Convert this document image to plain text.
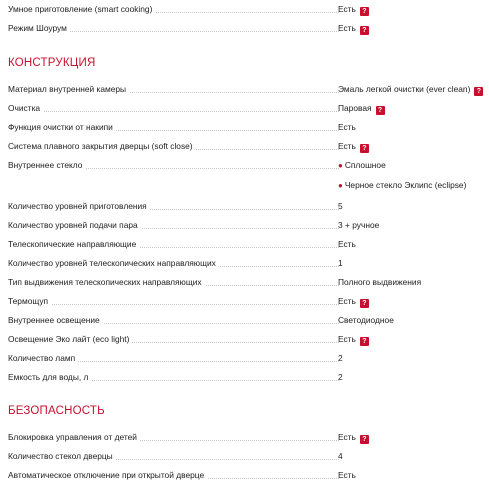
Умное приготовление (smart cooking)	Есть ?
Режим Шоурум	Есть ?
КОНСТРУКЦИЯ
Материал внутренней камеры	Эмаль легкой очистки (ever clean) ?
Очистка	Паровая ?
Функция очистки от накипи	Есть
Система плавного закрытия дверцы (soft close)	Есть ?
Внутреннее стекло	● Сплошное
● Черное стекло Эклипс (eclipse)
Количество уровней приготовления	5
Количество уровней подачи пара	3 + ручное
Телескопические направляющие	Есть
Количество уровней телескопических направляющих	1
Тип выдвижения телескопических направляющих	Полного выдвижения
Термощуп	Есть ?
Внутреннее освещение	Светодиодное
Освещение Эко лайт (eco light)	Есть ?
Количество ламп	2
Емкость для воды, л	2
БЕЗОПАСНОСТЬ
Блокировка управления от детей	Есть ?
Количество стекол дверцы	4
Автоматическое отключение при открытой дверце	Есть
